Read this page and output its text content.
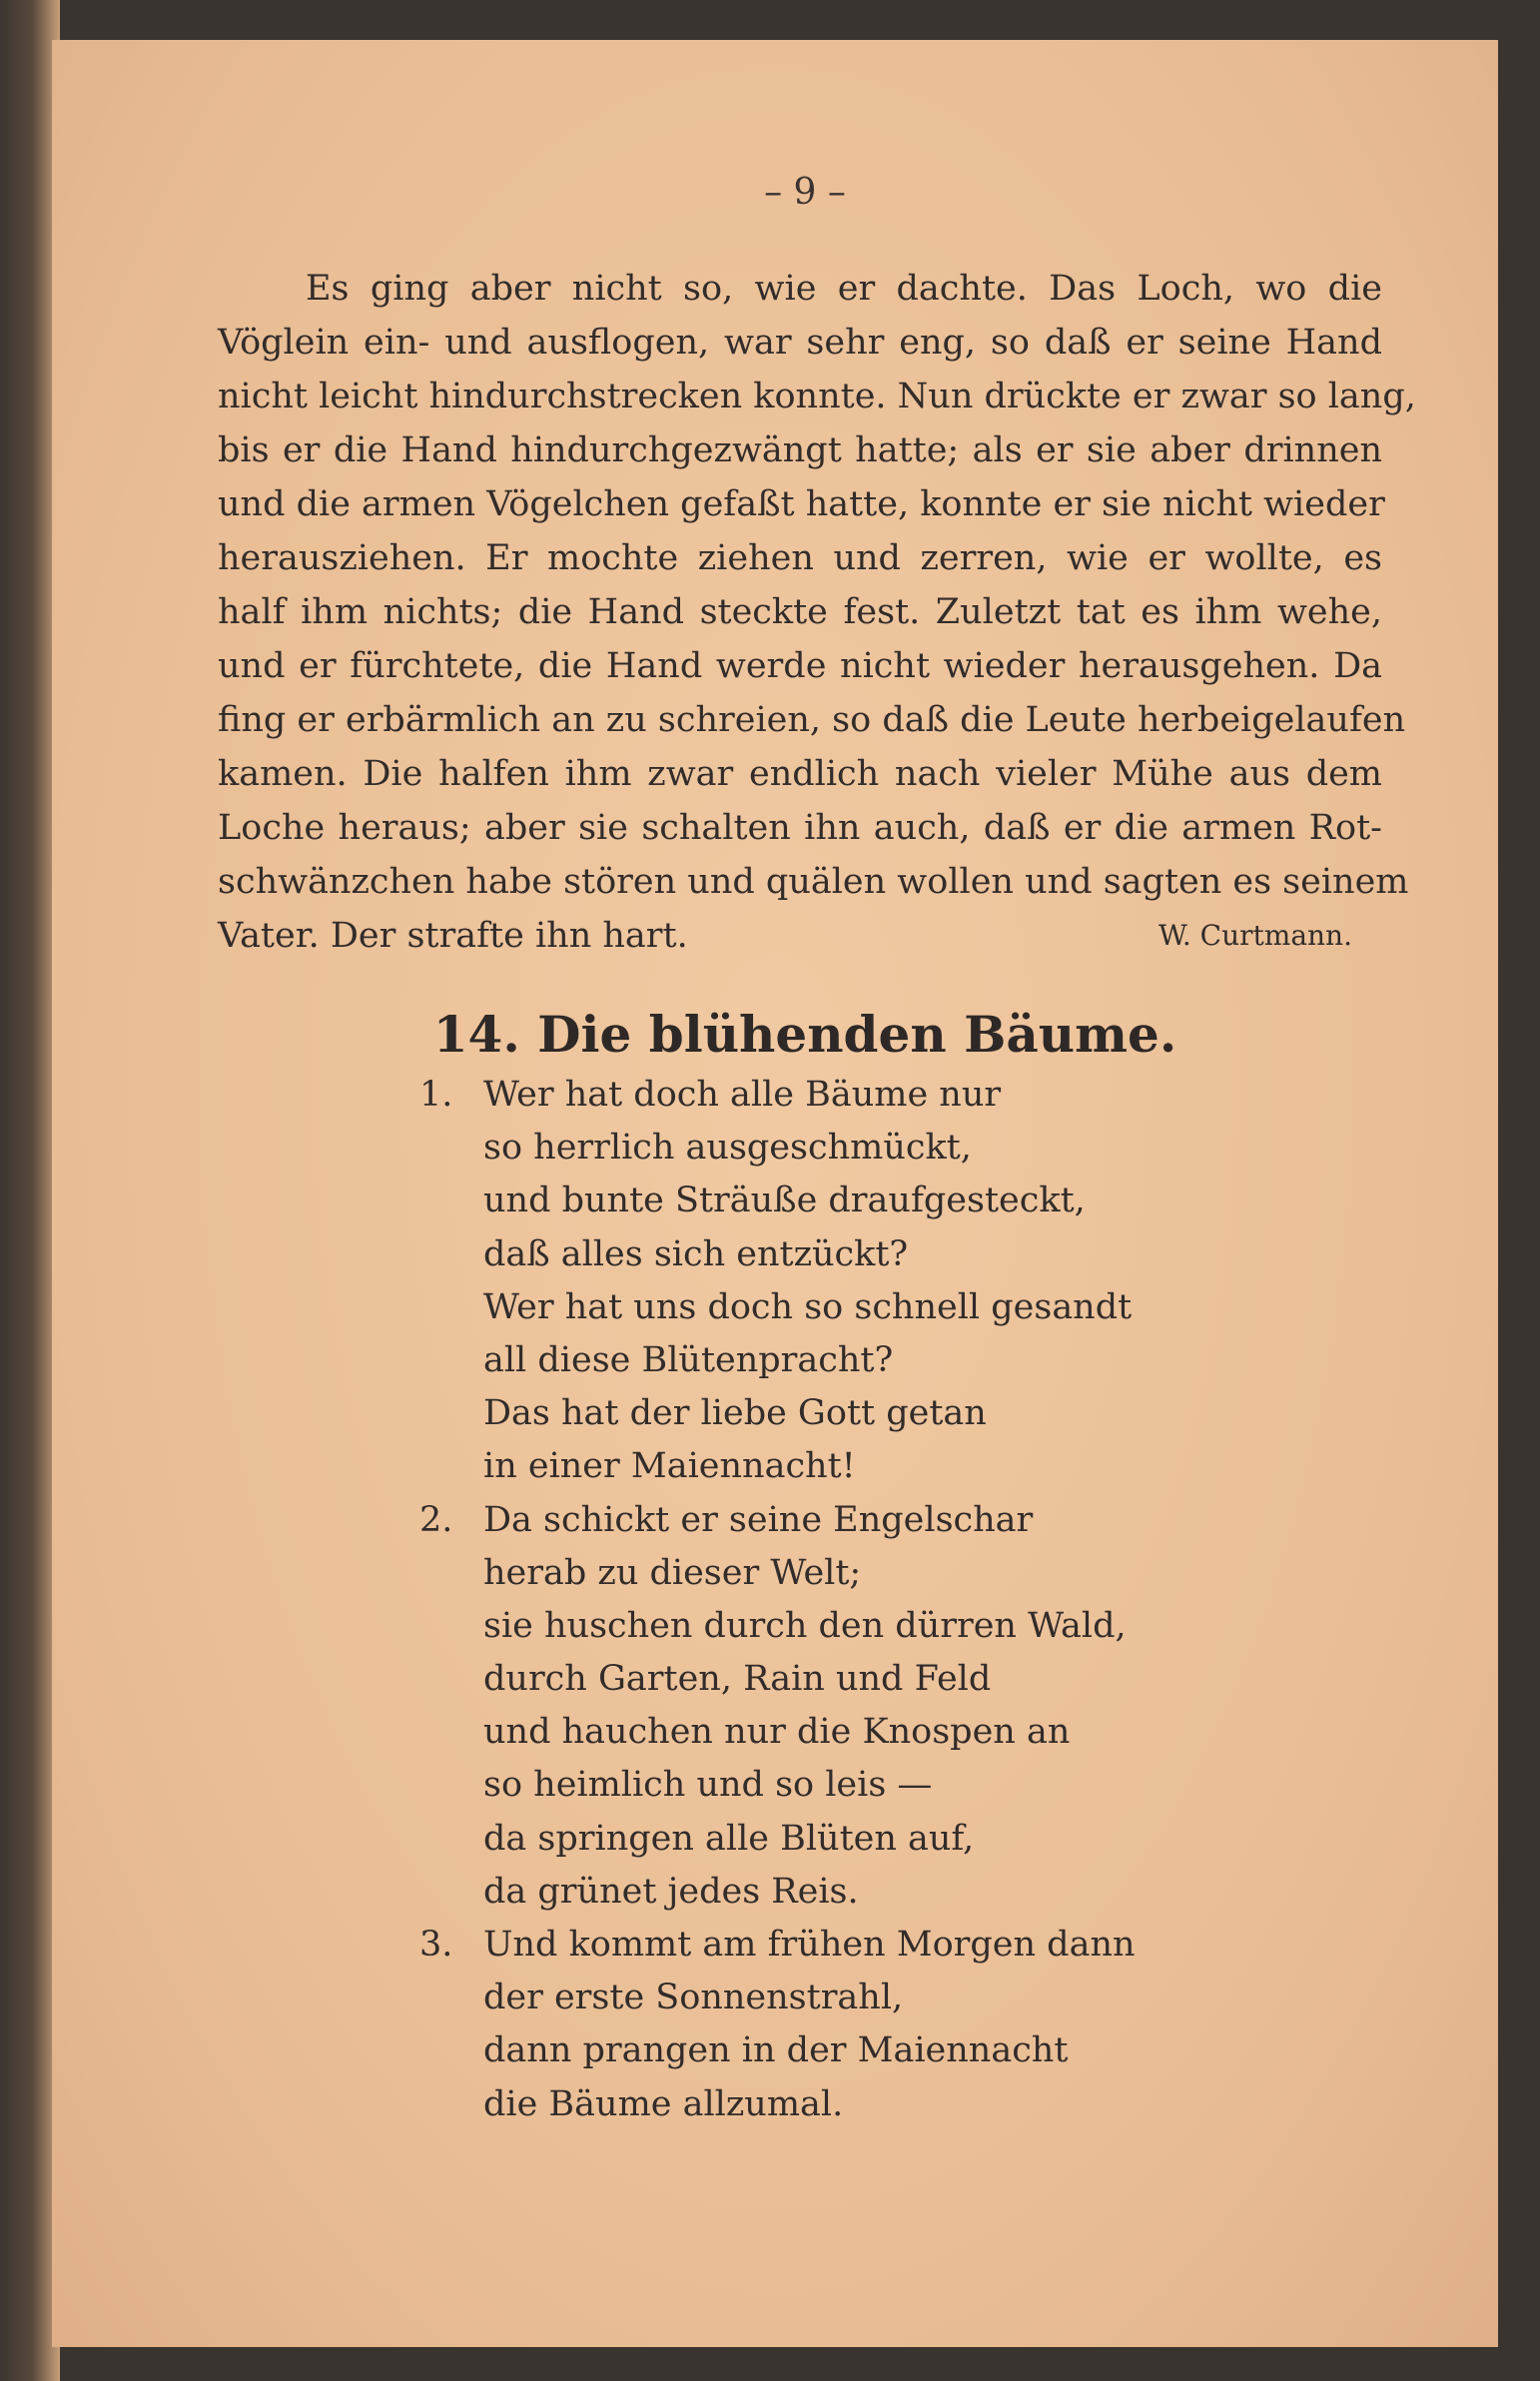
– 9 –
Es ging aber nicht so, wie er dachte. Das Loch, wo die
Vöglein ein- und ausflogen, war sehr eng, so daß er seine Hand
nicht leicht hindurchstrecken konnte. Nun drückte er zwar so lang,
bis er die Hand hindurchgezwängt hatte; als er sie aber drinnen
und die armen Vögelchen gefaßt hatte, konnte er sie nicht wieder
herausziehen. Er mochte ziehen und zerren, wie er wollte, es
half ihm nichts; die Hand steckte fest. Zuletzt tat es ihm wehe,
und er fürchtete, die Hand werde nicht wieder herausgehen. Da
fing er erbärmlich an zu schreien, so daß die Leute herbeigelaufen
kamen. Die halfen ihm zwar endlich nach vieler Mühe aus dem
Loche heraus; aber sie schalten ihn auch, daß er die armen Rot-
schwänzchen habe stören und quälen wollen und sagten es seinem
Vater. Der strafte ihn hart.	W. Curtmann.
14. Die blühenden Bäume.
1. Wer hat doch alle Bäume nur
so herrlich ausgeschmückt,
und bunte Sträuße draufgesteckt,
daß alles sich entzückt?
Wer hat uns doch so schnell gesandt
all diese Blütenpracht?
Das hat der liebe Gott getan
in einer Maiennacht!
2. Da schickt er seine Engelschar
herab zu dieser Welt;
sie huschen durch den dürren Wald,
durch Garten, Rain und Feld
und hauchen nur die Knospen an
so heimlich und so leis —
da springen alle Blüten auf,
da grünet jedes Reis.
3. Und kommt am frühen Morgen dann
der erste Sonnenstrahl,
dann prangen in der Maiennacht
die Bäume allzumal.
